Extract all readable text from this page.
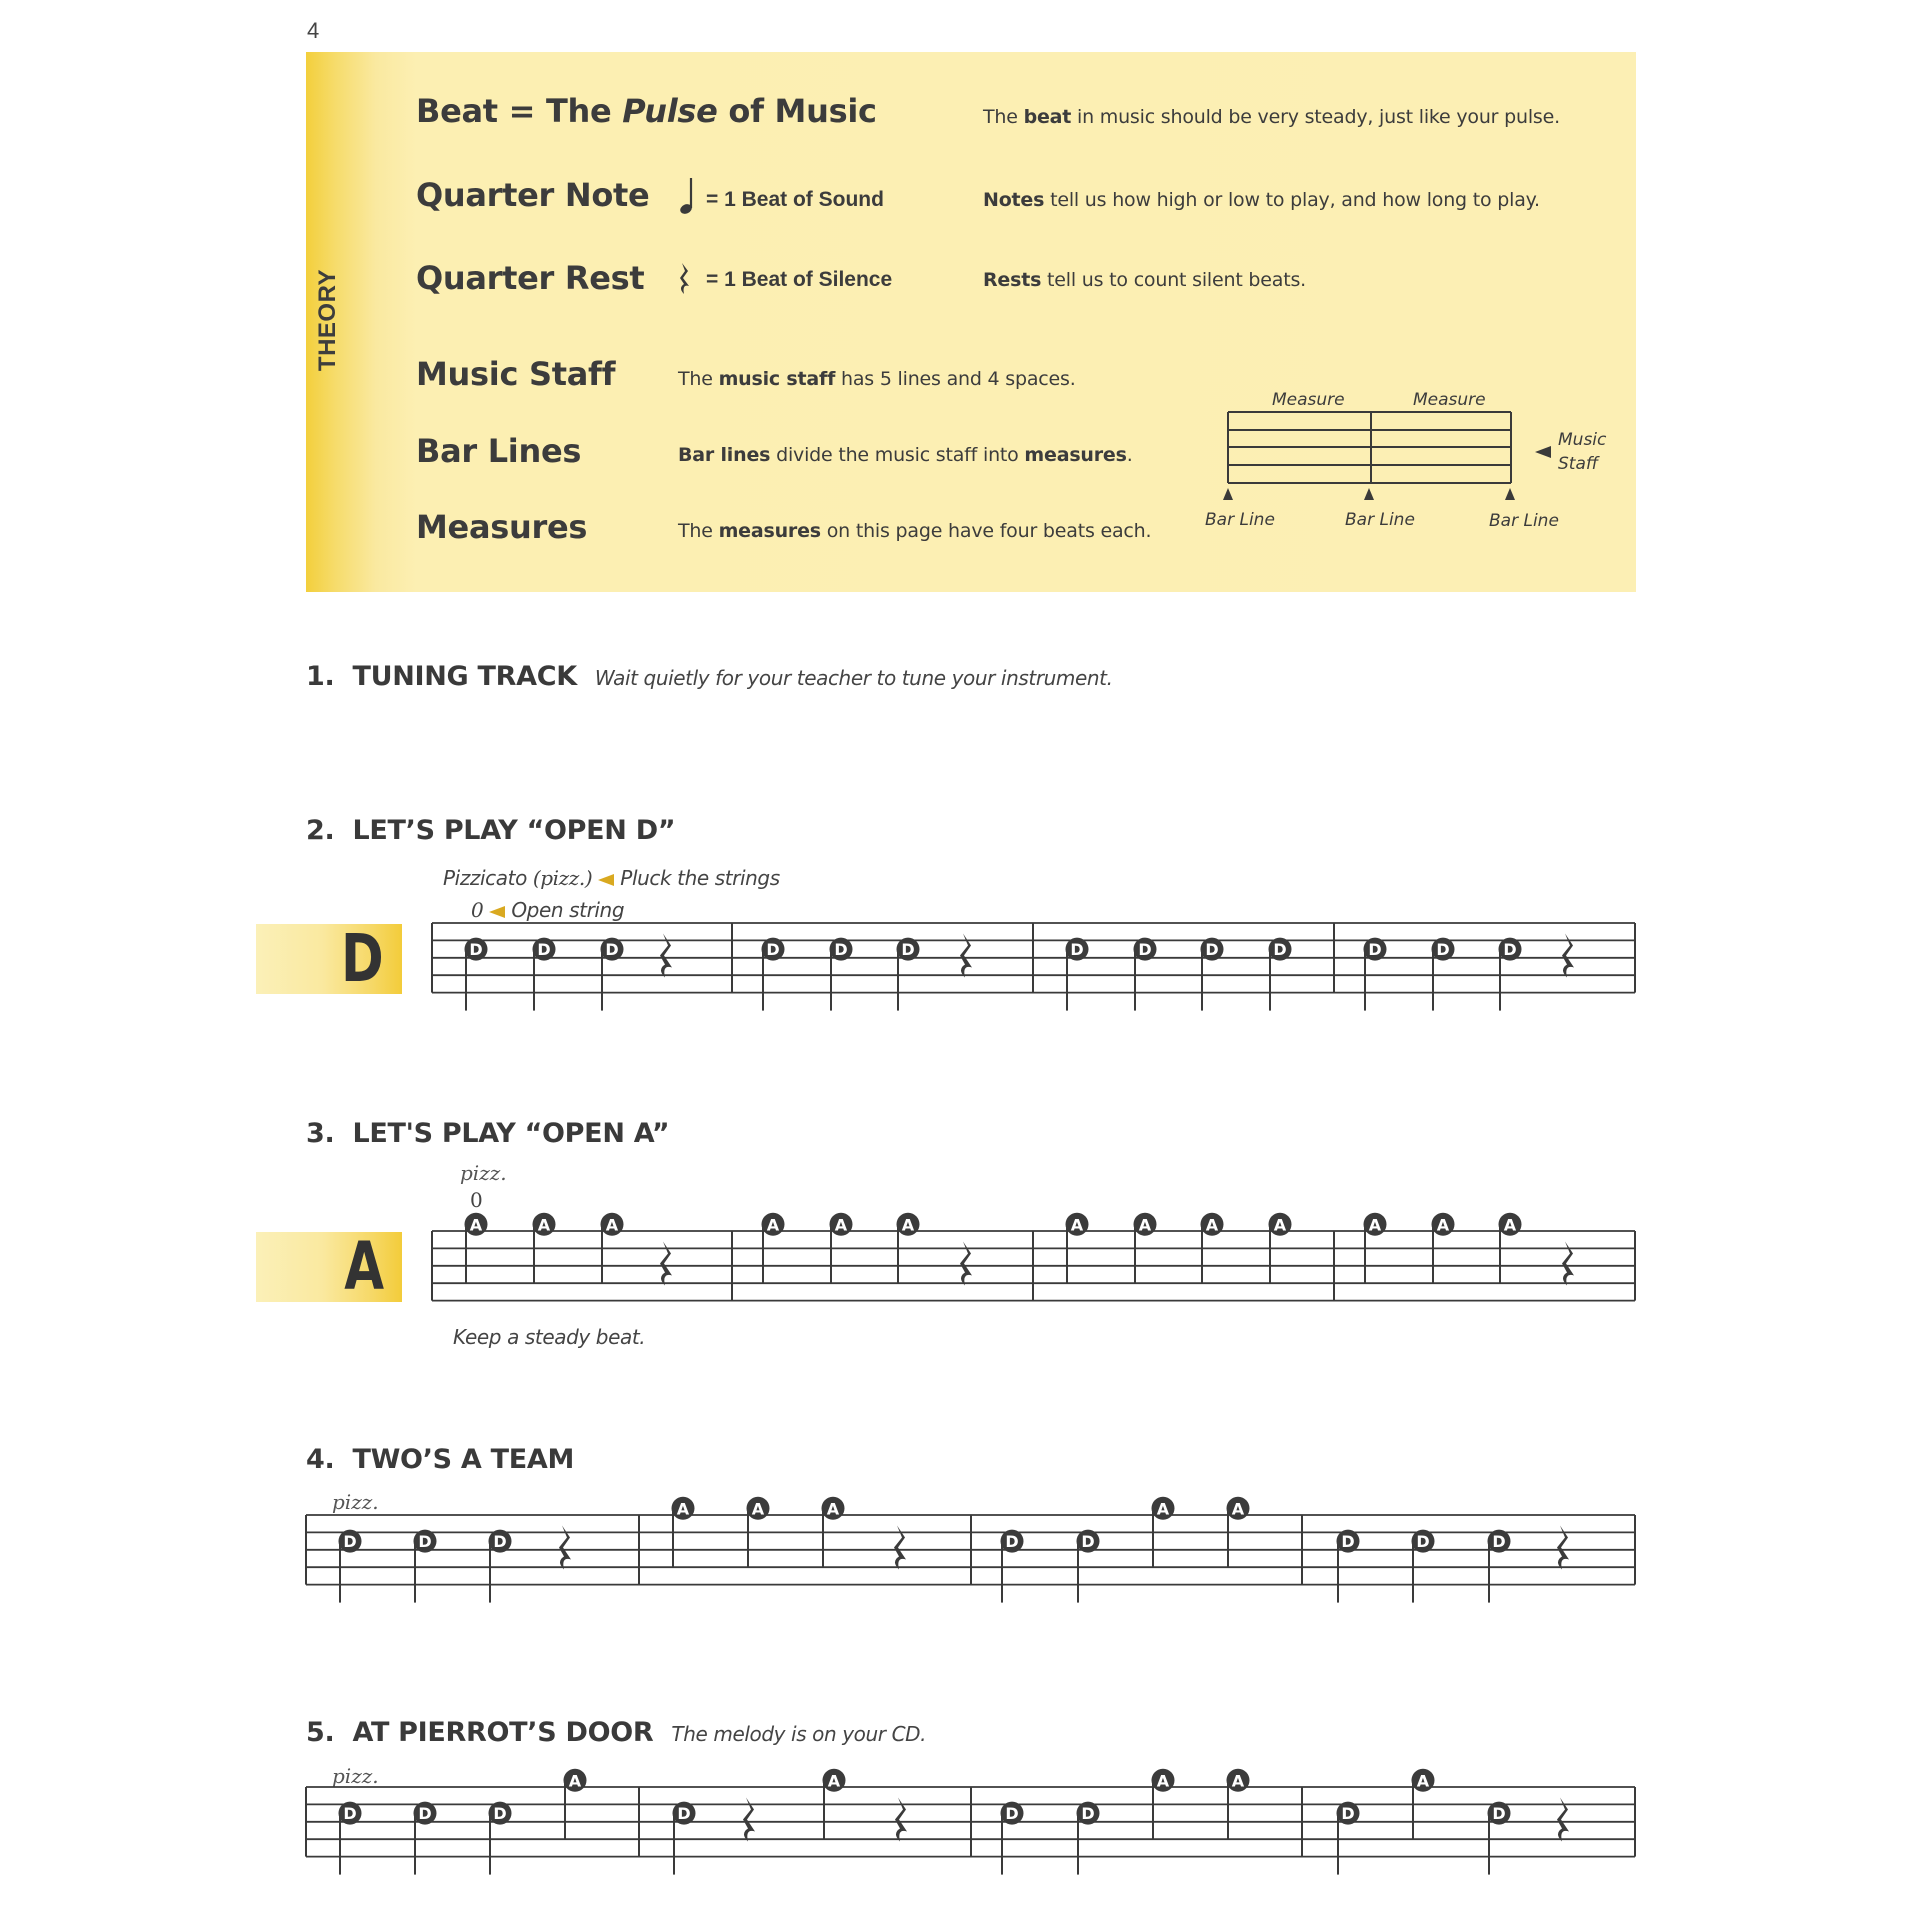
4
THEORY
Beat = The Pulse of Music	The beat in music should be very steady, just like your pulse.
Quarter Note	= 1 Beat of Sound	Notes tell us how high or low to play, and how long to play.
Quarter Rest	= 1 Beat of Silence	Rests tell us to count silent beats.
Music Staff	The music staff has 5 lines and 4 spaces.
Bar Lines	Bar lines divide the music staff into measures.
Measures	The measures on this page have four beats each.
Measure	Measure
Music
Staff
Bar Line	Bar Line	Bar Line
1. TUNING TRACK Wait quietly for your teacher to tune your instrument.
2. LET’S PLAY “OPEN D”
Pizzicato (pizz.) Pluck the strings
0 Open string
D	D	D	D	D	D	D	D	D	D	D	D	D	D
3. LET'S PLAY “OPEN A”
pizz.
0
A
A	A	A	A	A	A	A	A	A	A	A	A	A
Keep a steady beat.
4. TWO’S A TEAM
pizz.
D	D	D
A	A	A
D	D
A	A
D	D	D
5. AT PIERROT’S DOOR The melody is on your CD.
pizz.
D	D	D
A
D
A
D	D
A	A
D
A
D
